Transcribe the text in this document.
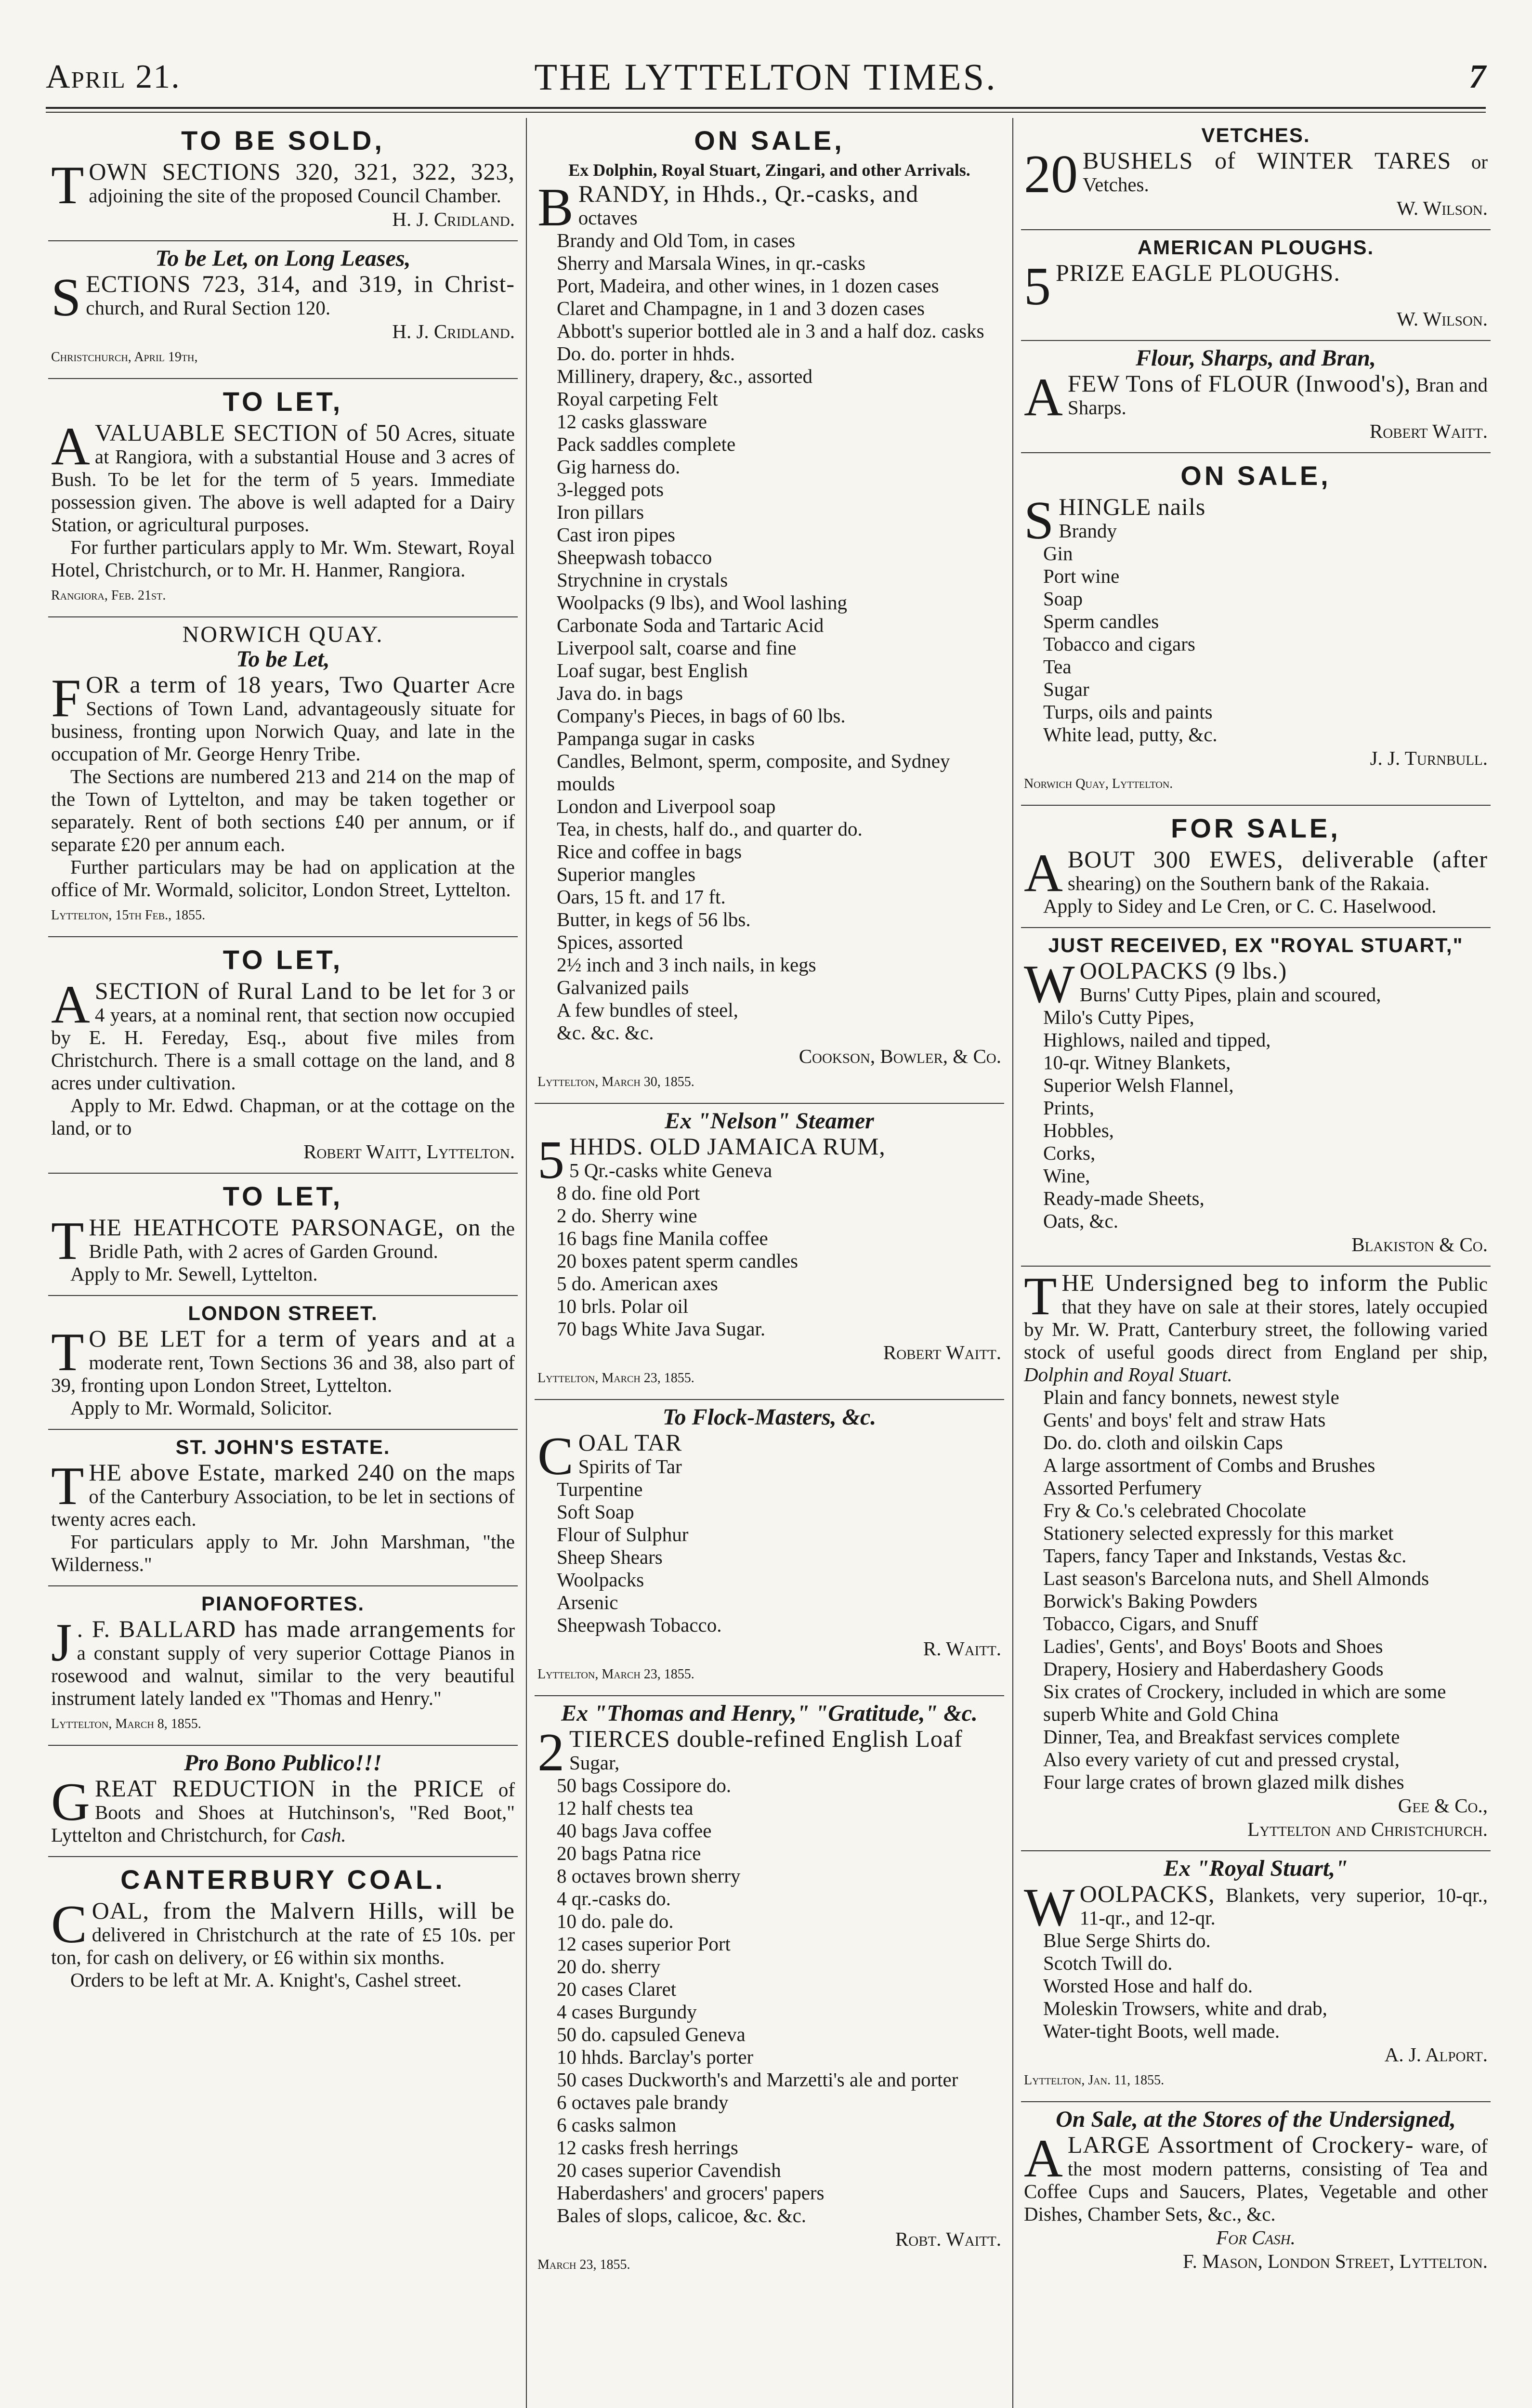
April 21.	THE LYTTELTON TIMES.	7
TO BE SOLD,

TOWN SECTIONS 320, 321, 322, 323, adjoining the site of the proposed Council Chamber.

H. J. Cridland.
To be Let, on Long Leases,

SECTIONS 723, 314, and 319, in Christ- church, and Rural Section 120.

H. J. Cridland.
Christchurch, April 19th,
TO LET,

AVALUABLE SECTION of 50 Acres, situate at Rangiora, with a substantial House and 3 acres of Bush. To be let for the term of 5 years. Immediate possession given. The above is well adapted for a Dairy Station, or agricultural purposes.

For further particulars apply to Mr. Wm. Stewart, Royal Hotel, Christchurch, or to Mr. H. Hanmer, Rangiora.

Rangiora, Feb. 21st.
NORWICH QUAY.
To be Let,

FOR a term of 18 years, Two Quarter Acre Sections of Town Land, advantageously situate for business, fronting upon Norwich Quay, and late in the occupation of Mr. George Henry Tribe.

The Sections are numbered 213 and 214 on the map of the Town of Lyttelton, and may be taken together or separately. Rent of both sections £40 per annum, or if separate £20 per annum each.

Further particulars may be had on application at the office of Mr. Wormald, solicitor, London Street, Lyttelton.

Lyttelton, 15th Feb., 1855.
TO LET,

ASECTION of Rural Land to be let for 3 or 4 years, at a nominal rent, that section now occupied by E. H. Fereday, Esq., about five miles from Christchurch. There is a small cottage on the land, and 8 acres under cultivation.

Apply to Mr. Edwd. Chapman, or at the cottage on the land, or to

Robert Waitt, Lyttelton.
TO LET,

THE HEATHCOTE PARSONAGE, on the Bridle Path, with 2 acres of Garden Ground.

Apply to Mr. Sewell, Lyttelton.

LONDON STREET.

T O BE LET for a term of years and at a moderate rent, Town Sections 36 and 38, also part of 39, fronting upon London Street, Lyttelton.

Apply to Mr. Wormald, Solicitor.

ST. JOHN'S ESTATE.

THE above Estate, marked 240 on the maps of the Canterbury Association, to be let in sections of twenty acres each.

For particulars apply to Mr. John Marshman, "the Wilderness."

PIANOFORTES.

J . F. BALLARD has made arrangements for a constant supply of very superior Cottage Pianos in rosewood and walnut, similar to the very beautiful instrument lately landed ex "Thomas and Henry."

Lyttelton, March 8, 1855.
Pro Bono Publico!!!

GREAT REDUCTION in the PRICE of Boots and Shoes at Hutchinson's, "Red Boot," Lyttelton and Christchurch, for Cash.

CANTERBURY COAL.

COAL, from the Malvern Hills, will be delivered in Christchurch at the rate of £5 10s. per ton, for cash on delivery, or £6 within six months.

Orders to be left at Mr. A. Knight's, Cashel street.

ON SALE,
Ex Dolphin, Royal Stuart, Zingari, and other Arrivals.

BRANDY, in Hhds., Qr.-casks, and

octaves
Brandy and Old Tom, in cases
Sherry and Marsala Wines, in qr.-casks
Port, Madeira, and other wines, in 1 dozen cases
Claret and Champagne, in 1 and 3 dozen cases
Abbott's superior bottled ale in 3 and a half doz. casks
Do. do. porter in hhds.
Millinery, drapery, &c., assorted
Royal carpeting Felt
12 casks glassware
Pack saddles complete
Gig harness do.
3-legged pots
Iron pillars
Cast iron pipes
Sheepwash tobacco
Strychnine in crystals
Woolpacks (9 lbs), and Wool lashing
Carbonate Soda and Tartaric Acid
Liverpool salt, coarse and fine
Loaf sugar, best English
Java do. in bags
Company's Pieces, in bags of 60 lbs.
Pampanga sugar in casks
Candles, Belmont, sperm, composite, and Sydney moulds
London and Liverpool soap
Tea, in chests, half do., and quarter do.
Rice and coffee in bags
Superior mangles
Oars, 15 ft. and 17 ft.
Butter, in kegs of 56 lbs.
Spices, assorted
2½ inch and 3 inch nails, in kegs
Galvanized pails
A few bundles of steel,
&c. &c. &c.
Cookson, Bowler, & Co.
Lyttelton, March 30, 1855.
Ex "Nelson" Steamer

5 HHDS. OLD JAMAICA RUM,

5 Qr.-casks white Geneva
8 do. fine old Port
2 do. Sherry wine
16 bags fine Manila coffee
20 boxes patent sperm candles
5 do. American axes
10 brls. Polar oil
70 bags White Java Sugar.
Robert Waitt.
Lyttelton, March 23, 1855.
To Flock-Masters, &c.

COAL TAR

Spirits of Tar
Turpentine
Soft Soap
Flour of Sulphur
Sheep Shears
Woolpacks
Arsenic
Sheepwash Tobacco.
R. Waitt.
Lyttelton, March 23, 1855.
Ex "Thomas and Henry," "Gratitude," &c.

2 TIERCES double-refined English Loaf

Sugar,
50 bags Cossipore do.
12 half chests tea
40 bags Java coffee
20 bags Patna rice
8 octaves brown sherry
4 qr.-casks do.
10 do. pale do.
12 cases superior Port
20 do. sherry
20 cases Claret
4 cases Burgundy
50 do. capsuled Geneva
10 hhds. Barclay's porter
50 cases Duckworth's and Marzetti's ale and porter
6 octaves pale brandy
6 casks salmon
12 casks fresh herrings
20 cases superior Cavendish
Haberdashers' and grocers' papers
Bales of slops, calicoe, &c. &c.
Robt. Waitt.
March 23, 1855.
VETCHES.

20 BUSHELS of WINTER TARES or Vetches.

W. Wilson.
AMERICAN PLOUGHS.

5 PRIZE EAGLE PLOUGHS.

W. Wilson.
Flour, Sharps, and Bran,

AFEW Tons of FLOUR (Inwood's), Bran and Sharps.

Robert Waitt.
ON SALE,

SHINGLE nails

Brandy
Gin
Port wine
Soap
Sperm candles
Tobacco and cigars
Tea
Sugar
Turps, oils and paints
White lead, putty, &c.
J. J. Turnbull.
Norwich Quay, Lyttelton.
FOR SALE,

ABOUT 300 EWES, deliverable (after shearing) on the Southern bank of the Rakaia.

Apply to Sidey and Le Cren, or C. C. Haselwood.

JUST RECEIVED, EX "ROYAL STUART,"

WOOLPACKS (9 lbs.)

Burns' Cutty Pipes, plain and scoured,
Milo's Cutty Pipes,
Highlows, nailed and tipped,
10-qr. Witney Blankets,
Superior Welsh Flannel,
Prints,
Hobbles,
Corks,
Wine,
Ready-made Sheets,
Oats, &c.
Blakiston & Co.

THE Undersigned beg to inform the Public that they have on sale at their stores, lately occupied by Mr. W. Pratt, Canterbury street, the following varied stock of useful goods direct from England per ship, Dolphin and Royal Stuart.

Plain and fancy bonnets, newest style
Gents' and boys' felt and straw Hats
Do. do. cloth and oilskin Caps
A large assortment of Combs and Brushes
Assorted Perfumery
Fry & Co.'s celebrated Chocolate
Stationery selected expressly for this market
Tapers, fancy Taper and Inkstands, Vestas &c.
Last season's Barcelona nuts, and Shell Almonds
Borwick's Baking Powders
Tobacco, Cigars, and Snuff
Ladies', Gents', and Boys' Boots and Shoes
Drapery, Hosiery and Haberdashery Goods
Six crates of Crockery, included in which are some superb White and Gold China
Dinner, Tea, and Breakfast services complete
Also every variety of cut and pressed crystal,
Four large crates of brown glazed milk dishes
Gee & Co.,
Lyttelton and Christchurch.
Ex "Royal Stuart,"

WOOLPACKS, Blankets, very superior, 10-qr., 11-qr., and 12-qr.

Blue Serge Shirts do.
Scotch Twill do.
Worsted Hose and half do.
Moleskin Trowsers, white and drab,
Water-tight Boots, well made.
A. J. Alport.
Lyttelton, Jan. 11, 1855.
On Sale, at the Stores of the Undersigned,

ALARGE Assortment of Crockery- ware, of the most modern patterns, consisting of Tea and Coffee Cups and Saucers, Plates, Vegetable and other Dishes, Chamber Sets, &c., &c.

For Cash.
F. Mason, London Street, Lyttelton.
